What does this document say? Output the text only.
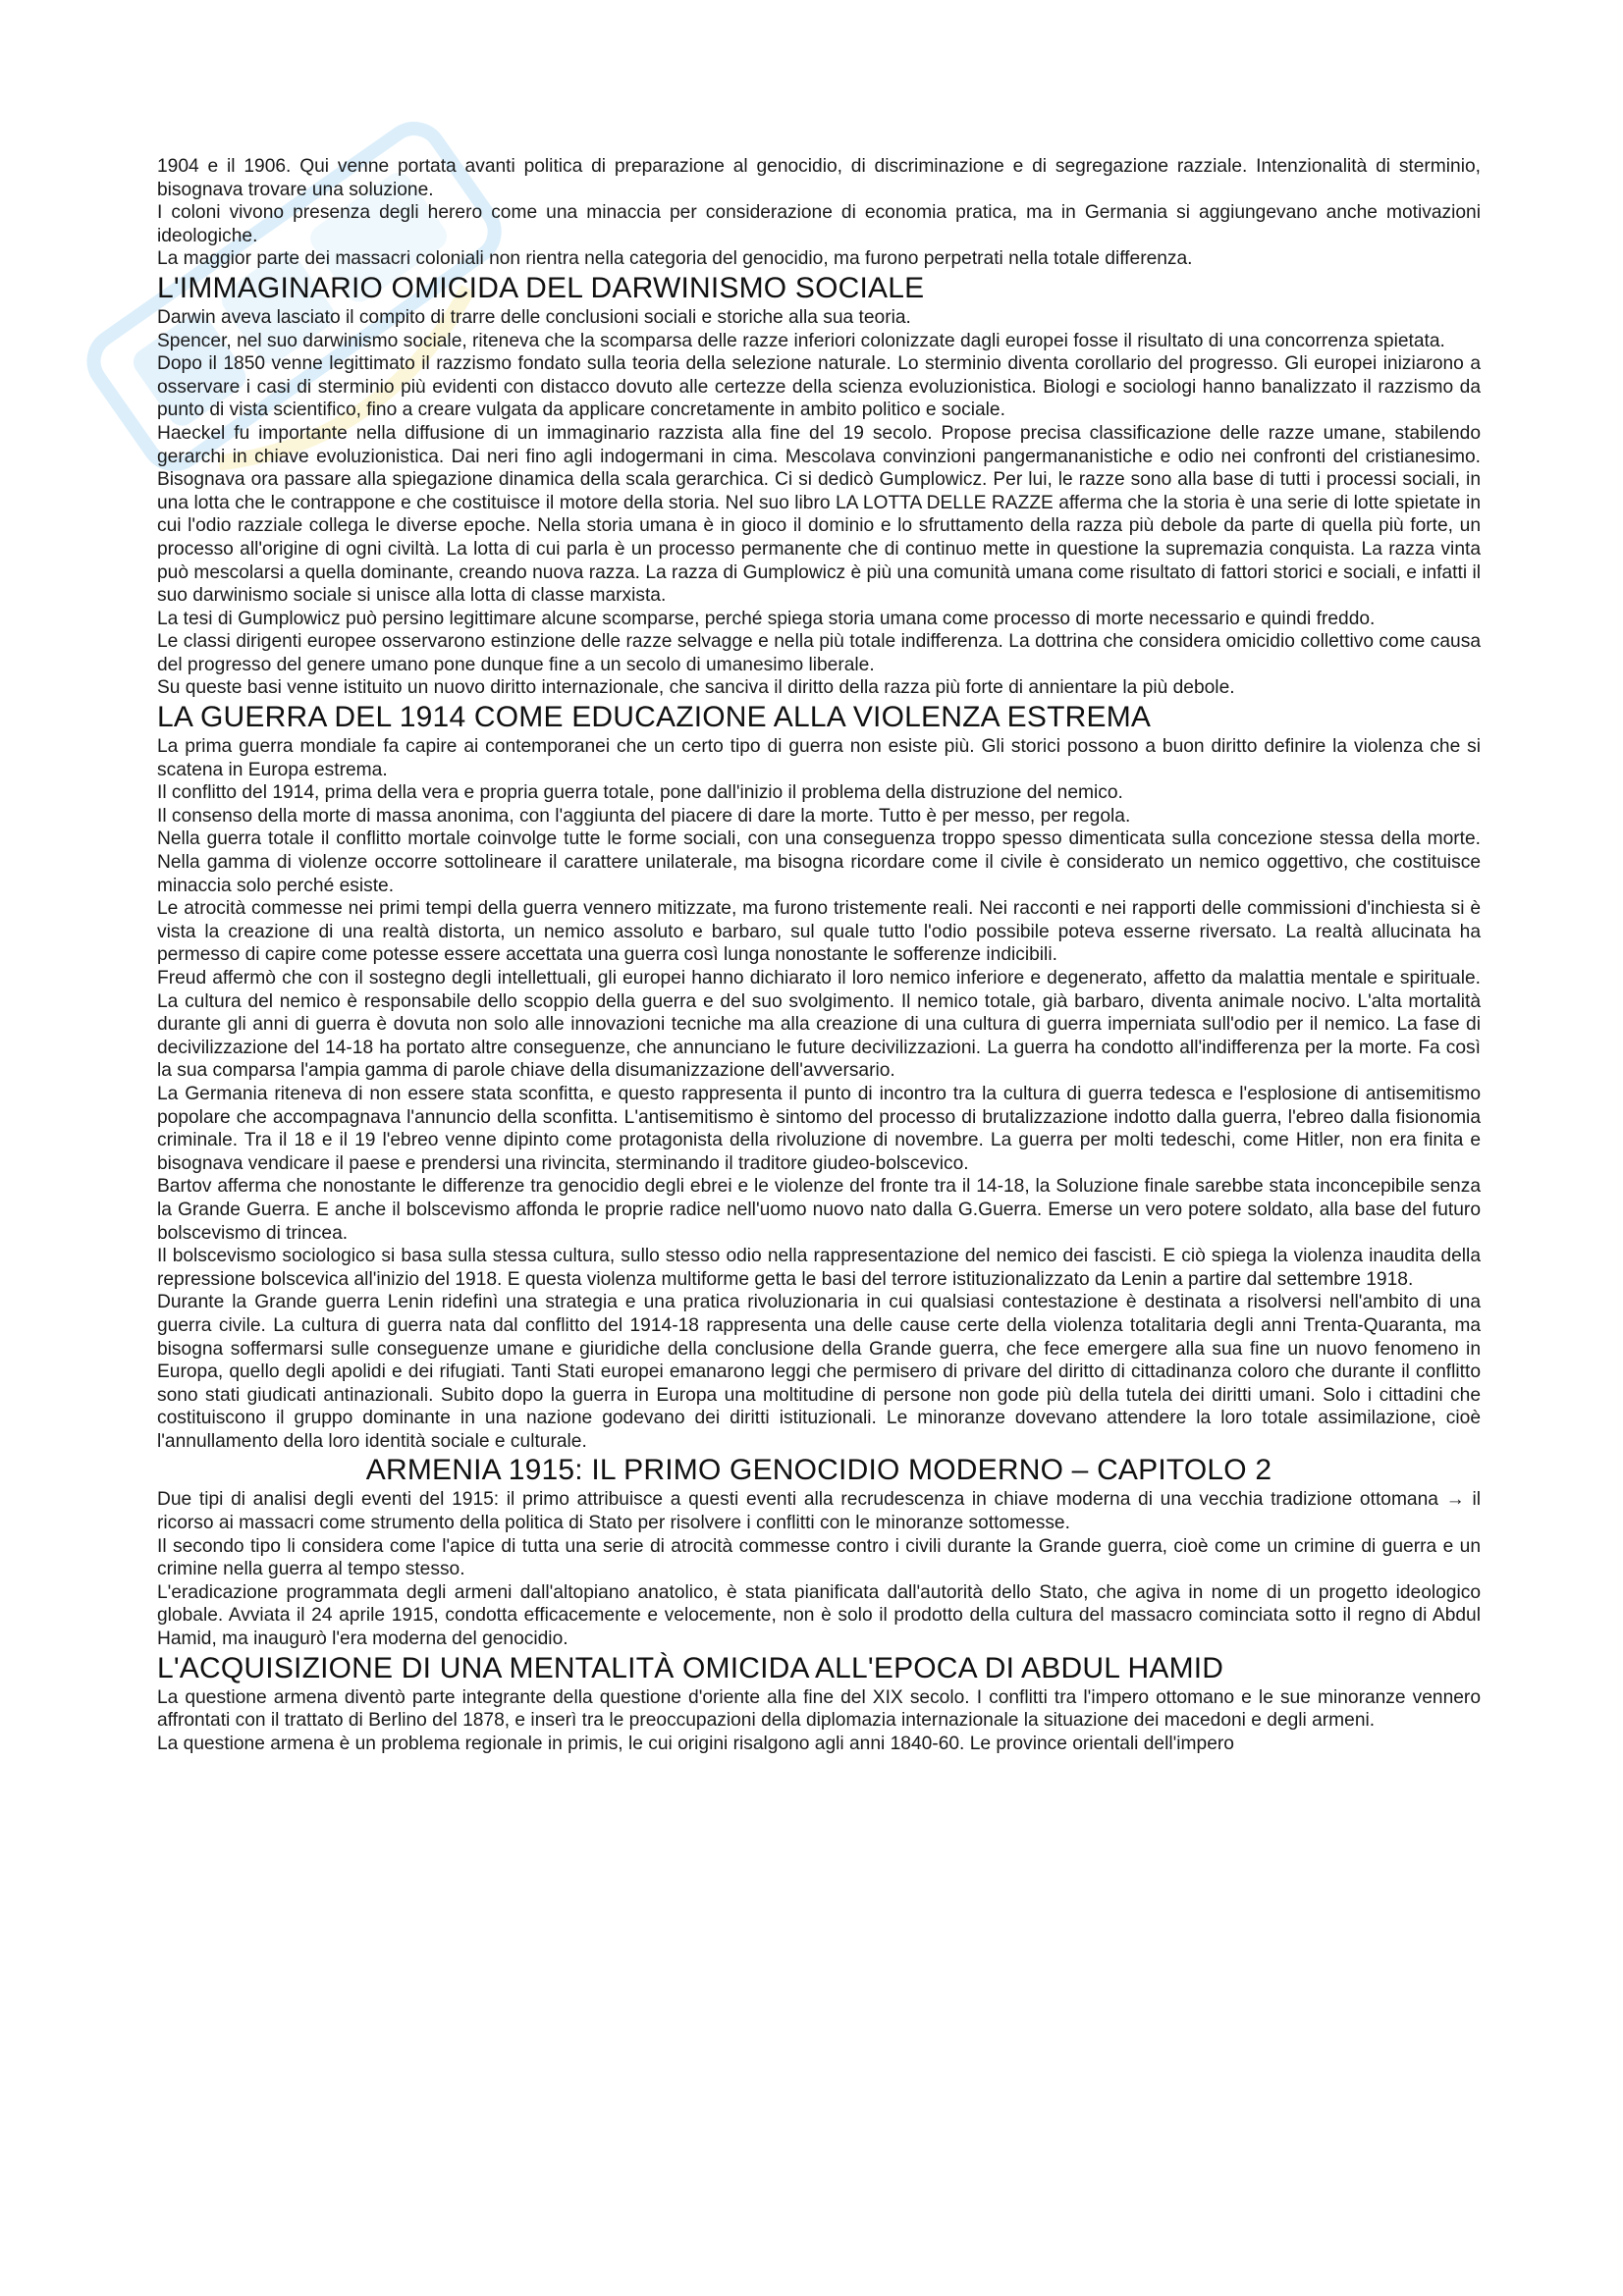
1904 e il 1906. Qui venne portata avanti politica di preparazione al genocidio, di discriminazione e di segregazione razziale. Intenzionalità di sterminio, bisognava trovare una soluzione.

I coloni vivono presenza degli herero come una minaccia per considerazione di economia pratica, ma in Germania si aggiungevano anche motivazioni ideologiche.

La maggior parte dei massacri coloniali non rientra nella categoria del genocidio, ma furono perpetrati nella totale differenza.

L'IMMAGINARIO OMICIDA DEL DARWINISMO SOCIALE

Darwin aveva lasciato il compito di trarre delle conclusioni sociali e storiche alla sua teoria.

Spencer, nel suo darwinismo sociale, riteneva che la scomparsa delle razze inferiori colonizzate dagli europei fosse il risultato di una concorrenza spietata.

Dopo il 1850 venne legittimato il razzismo fondato sulla teoria della selezione naturale. Lo sterminio diventa corollario del progresso. Gli europei iniziarono a osservare i casi di sterminio più evidenti con distacco dovuto alle certezze della scienza evoluzionistica. Biologi e sociologi hanno banalizzato il razzismo da punto di vista scientifico, fino a creare vulgata da applicare concretamente in ambito politico e sociale.

Haeckel fu importante nella diffusione di un immaginario razzista alla fine del 19 secolo. Propose precisa classificazione delle razze umane, stabilendo gerarchi in chiave evoluzionistica. Dai neri fino agli indogermani in cima. Mescolava convinzioni pangermananistiche e odio nei confronti del cristianesimo. Bisognava ora passare alla spiegazione dinamica della scala gerarchica. Ci si dedicò Gumplowicz. Per lui, le razze sono alla base di tutti i processi sociali, in una lotta che le contrappone e che costituisce il motore della storia. Nel suo libro LA LOTTA DELLE RAZZE afferma che la storia è una serie di lotte spietate in cui l'odio razziale collega le diverse epoche. Nella storia umana è in gioco il dominio e lo sfruttamento della razza più debole da parte di quella più forte, un processo all'origine di ogni civiltà. La lotta di cui parla è un processo permanente che di continuo mette in questione la supremazia conquista. La razza vinta può mescolarsi a quella dominante, creando nuova razza. La razza di Gumplowicz è più una comunità umana come risultato di fattori storici e sociali, e infatti il suo darwinismo sociale si unisce alla lotta di classe marxista.

La tesi di Gumplowicz può persino legittimare alcune scomparse, perché spiega storia umana come processo di morte necessario e quindi freddo.

Le classi dirigenti europee osservarono estinzione delle razze selvagge e nella più totale indifferenza. La dottrina che considera omicidio collettivo come causa del progresso del genere umano pone dunque fine a un secolo di umanesimo liberale.

Su queste basi venne istituito un nuovo diritto internazionale, che sanciva il diritto della razza più forte di annientare la più debole.

LA GUERRA DEL 1914 COME EDUCAZIONE ALLA VIOLENZA ESTREMA

La prima guerra mondiale fa capire ai contemporanei che un certo tipo di guerra non esiste più. Gli storici possono a buon diritto definire la violenza che si scatena in Europa estrema.

Il conflitto del 1914, prima della vera e propria guerra totale, pone dall'inizio il problema della distruzione del nemico.

Il consenso della morte di massa anonima, con l'aggiunta del piacere di dare la morte. Tutto è per messo, per regola.

Nella guerra totale il conflitto mortale coinvolge tutte le forme sociali, con una conseguenza troppo spesso dimenticata sulla concezione stessa della morte. Nella gamma di violenze occorre sottolineare il carattere unilaterale, ma bisogna ricordare come il civile è considerato un nemico oggettivo, che costituisce minaccia solo perché esiste.

Le atrocità commesse nei primi tempi della guerra vennero mitizzate, ma furono tristemente reali. Nei racconti e nei rapporti delle commissioni d'inchiesta si è vista la creazione di una realtà distorta, un nemico assoluto e barbaro, sul quale tutto l'odio possibile poteva esserne riversato. La realtà allucinata ha permesso di capire come potesse essere accettata una guerra così lunga nonostante le sofferenze indicibili.

Freud affermò che con il sostegno degli intellettuali, gli europei hanno dichiarato il loro nemico inferiore e degenerato, affetto da malattia mentale e spirituale. La cultura del nemico è responsabile dello scoppio della guerra e del suo svolgimento. Il nemico totale, già barbaro, diventa animale nocivo. L'alta mortalità durante gli anni di guerra è dovuta non solo alle innovazioni tecniche ma alla creazione di una cultura di guerra imperniata sull'odio per il nemico. La fase di decivilizzazione del 14-18 ha portato altre conseguenze, che annunciano le future decivilizzazioni. La guerra ha condotto all'indifferenza per la morte. Fa così la sua comparsa l'ampia gamma di parole chiave della disumanizzazione dell'avversario.

La Germania riteneva di non essere stata sconfitta, e questo rappresenta il punto di incontro tra la cultura di guerra tedesca e l'esplosione di antisemitismo popolare che accompagnava l'annuncio della sconfitta. L'antisemitismo è sintomo del processo di brutalizzazione indotto dalla guerra, l'ebreo dalla fisionomia criminale. Tra il 18 e il 19 l'ebreo venne dipinto come protagonista della rivoluzione di novembre. La guerra per molti tedeschi, come Hitler, non era finita e bisognava vendicare il paese e prendersi una rivincita, sterminando il traditore giudeo-bolscevico.

Bartov afferma che nonostante le differenze tra genocidio degli ebrei e le violenze del fronte tra il 14-18, la Soluzione finale sarebbe stata inconcepibile senza la Grande Guerra. E anche il bolscevismo affonda le proprie radice nell'uomo nuovo nato dalla G.Guerra. Emerse un vero potere soldato, alla base del futuro bolscevismo di trincea.

Il bolscevismo sociologico si basa sulla stessa cultura, sullo stesso odio nella rappresentazione del nemico dei fascisti. E ciò spiega la violenza inaudita della repressione bolscevica all'inizio del 1918. E questa violenza multiforme getta le basi del terrore istituzionalizzato da Lenin a partire dal settembre 1918.

Durante la Grande guerra Lenin ridefinì una strategia e una pratica rivoluzionaria in cui qualsiasi contestazione è destinata a risolversi nell'ambito di una guerra civile. La cultura di guerra nata dal conflitto del 1914-18 rappresenta una delle cause certe della violenza totalitaria degli anni Trenta-Quaranta, ma bisogna soffermarsi sulle conseguenze umane e giuridiche della conclusione della Grande guerra, che fece emergere alla sua fine un nuovo fenomeno in Europa, quello degli apolidi e dei rifugiati. Tanti Stati europei emanarono leggi che permisero di privare del diritto di cittadinanza coloro che durante il conflitto sono stati giudicati antinazionali. Subito dopo la guerra in Europa una moltitudine di persone non gode più della tutela dei diritti umani. Solo i cittadini che costituiscono il gruppo dominante in una nazione godevano dei diritti istituzionali. Le minoranze dovevano attendere la loro totale assimilazione, cioè l'annullamento della loro identità sociale e culturale.

ARMENIA 1915: IL PRIMO GENOCIDIO MODERNO – CAPITOLO 2

Due tipi di analisi degli eventi del 1915: il primo attribuisce a questi eventi alla recrudescenza in chiave moderna di una vecchia tradizione ottomana → il ricorso ai massacri come strumento della politica di Stato per risolvere i conflitti con le minoranze sottomesse.

Il secondo tipo li considera come l'apice di tutta una serie di atrocità commesse contro i civili durante la Grande guerra, cioè come un crimine di guerra e un crimine nella guerra al tempo stesso.

L'eradicazione programmata degli armeni dall'altopiano anatolico, è stata pianificata dall'autorità dello Stato, che agiva in nome di un progetto ideologico globale. Avviata il 24 aprile 1915, condotta efficacemente e velocemente, non è solo il prodotto della cultura del massacro cominciata sotto il regno di Abdul Hamid, ma inaugurò l'era moderna del genocidio.

L'ACQUISIZIONE DI UNA MENTALITÀ OMICIDA ALL'EPOCA DI ABDUL HAMID

La questione armena diventò parte integrante della questione d'oriente alla fine del XIX secolo. I conflitti tra l'impero ottomano e le sue minoranze vennero affrontati con il trattato di Berlino del 1878, e inserì tra le preoccupazioni della diplomazia internazionale la situazione dei macedoni e degli armeni.

La questione armena è un problema regionale in primis, le cui origini risalgono agli anni 1840-60. Le province orientali dell'impero
